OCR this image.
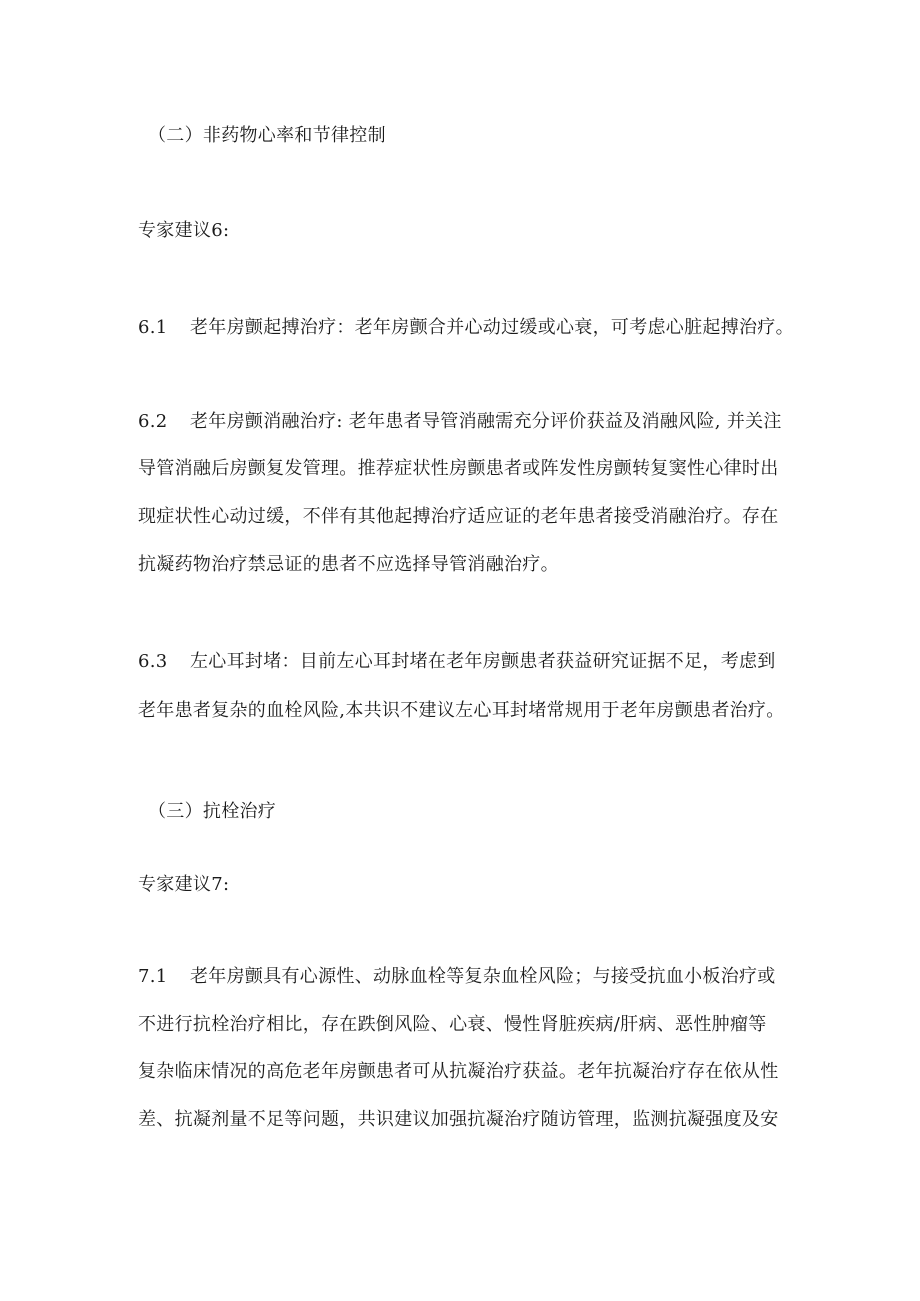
（二）非药物心率和节律控制
专家建议6:
6.1 老年房颤起搏治疗：老年房颤合并心动过缓或心衰，可考虑心脏起搏治疗。
6.2 老年房颤消融治疗: 老年患者导管消融需充分评价获益及消融风险, 并关注
导管消融后房颤复发管理。推荐症状性房颤患者或阵发性房颤转复窦性心律时出
现症状性心动过缓，不伴有其他起搏治疗适应证的老年患者接受消融治疗。存在
抗凝药物治疗禁忌证的患者不应选择导管消融治疗。
6.3 左心耳封堵：目前左心耳封堵在老年房颤患者获益研究证据不足，考虑到
老年患者复杂的血栓风险,本共识不建议左心耳封堵常规用于老年房颤患者治疗。
（三）抗栓治疗
专家建议7:
7.1 老年房颤具有心源性、动脉血栓等复杂血栓风险；与接受抗血小板治疗或
不进行抗栓治疗相比，存在跌倒风险、心衰、慢性肾脏疾病/肝病、恶性肿瘤等
复杂临床情况的高危老年房颤患者可从抗凝治疗获益。老年抗凝治疗存在依从性
差、抗凝剂量不足等问题，共识建议加强抗凝治疗随访管理，监测抗凝强度及安
